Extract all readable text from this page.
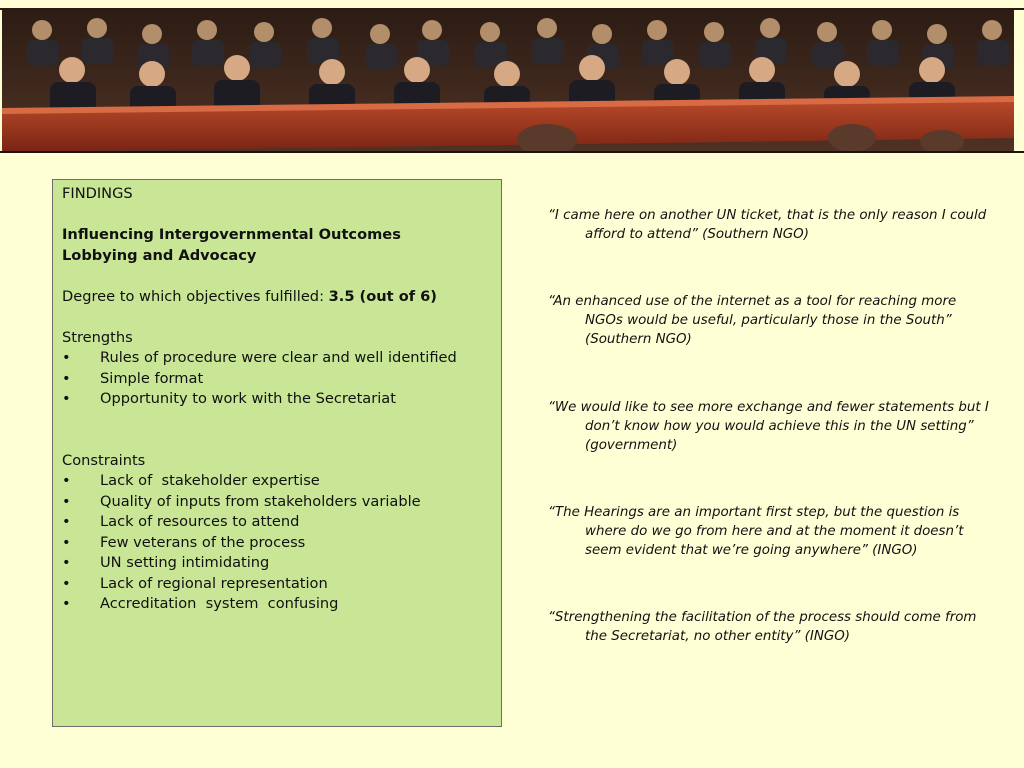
FINDINGS

Influencing Intergovernmental Outcomes

Lobbying and Advocacy

Degree to which objectives fulfilled: 3.5 (out of 6)

Strengths

• Rules of procedure were clear and well identified
• Simple format
• Opportunity to work with the Secretariat

Constraints

• Lack of  stakeholder expertise
• Quality of inputs from stakeholders variable
• Lack of resources to attend
• Few veterans of the process
• UN setting intimidating
• Lack of regional representation
• Accreditation  system  confusing

“I came here on another UN ticket, that is the only reason I could afford to attend” (Southern NGO)

“An enhanced use of the internet as a tool for reaching more NGOs would be useful, particularly those in the South” (Southern NGO)

“We would like to see more exchange and fewer statements but I don’t know how you would achieve this in the UN setting” (government)

“The Hearings are an important first step, but the question is where do we go from here and at the moment it doesn’t seem evident that we’re going anywhere” (INGO)

“Strengthening the facilitation of the process should come from the Secretariat, no other entity” (INGO)
